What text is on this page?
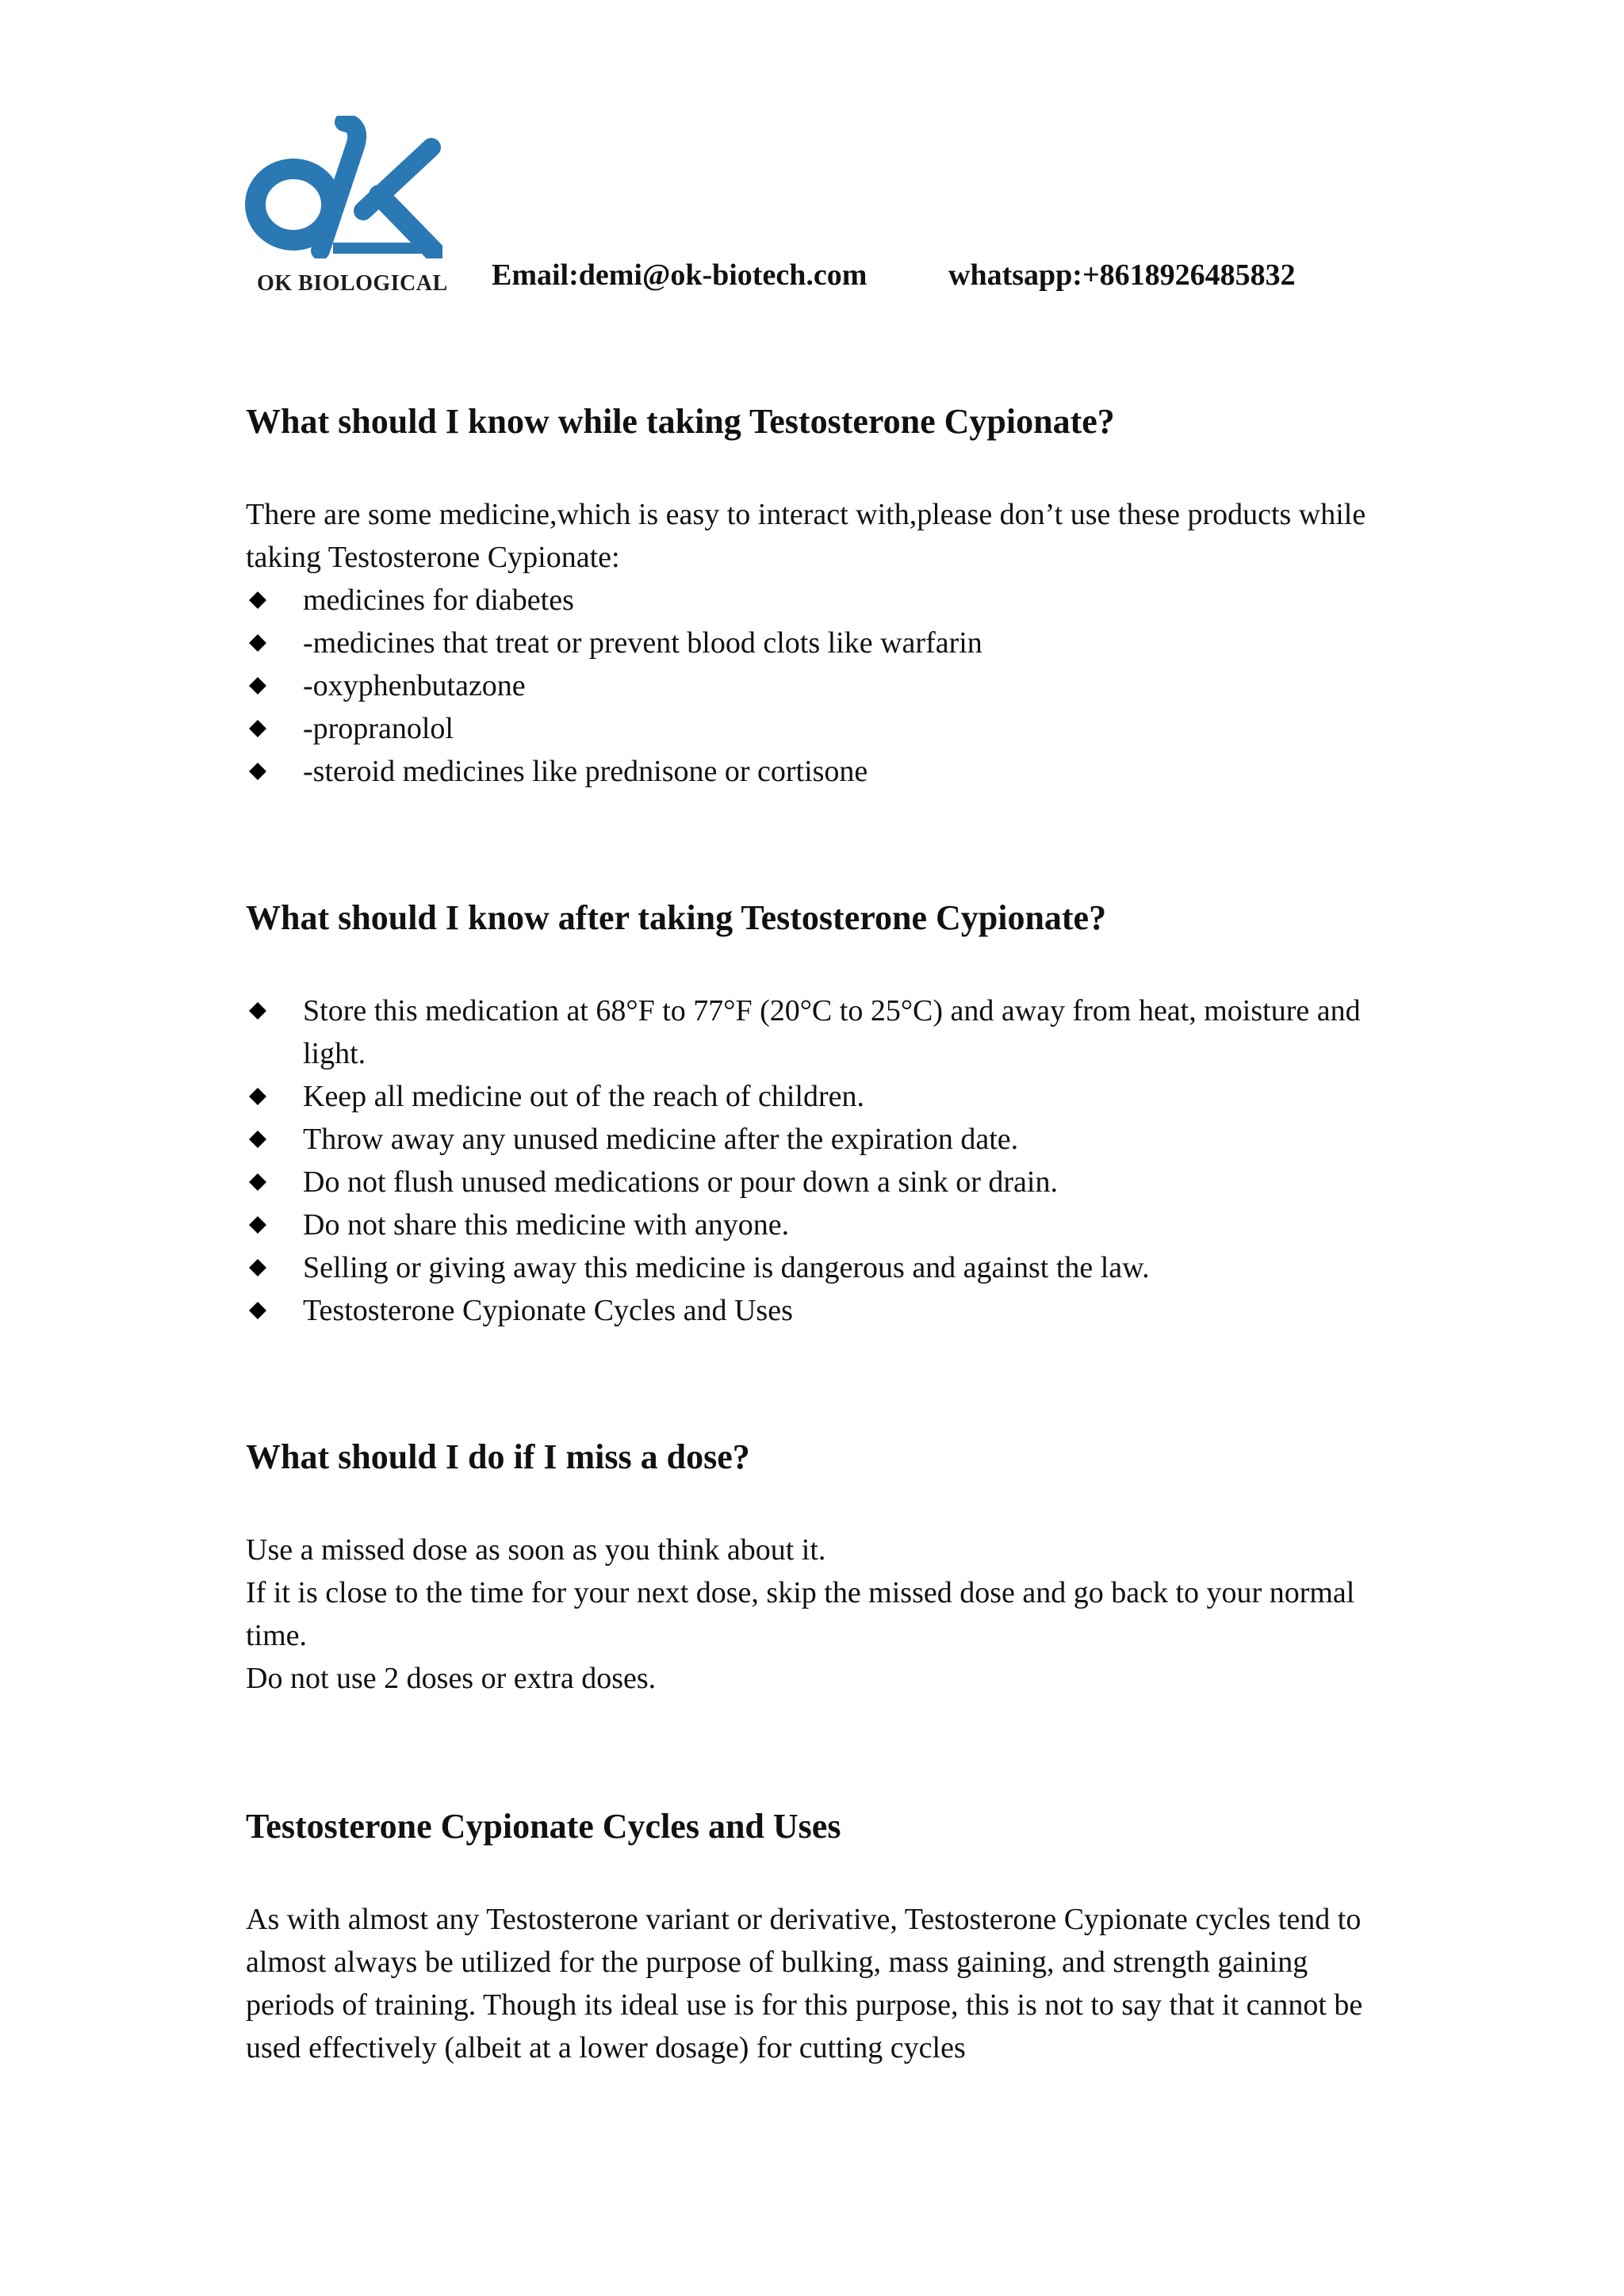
OK BIOLOGICAL Email:demi@ok-biotech.com	whatsapp:+8618926485832
What should I know while taking Testosterone Cypionate?

There are some medicine,which is easy to interact with,please don’t use these products while taking Testosterone Cypionate:

medicines for diabetes
-medicines that treat or prevent blood clots like warfarin
-oxyphenbutazone
-propranolol
-steroid medicines like prednisone or cortisone
What should I know after taking Testosterone Cypionate?
Store this medication at 68°F to 77°F (20°C to 25°C) and away from heat, moisture and light.
Keep all medicine out of the reach of children.
Throw away any unused medicine after the expiration date.
Do not flush unused medications or pour down a sink or drain.
Do not share this medicine with anyone.
Selling or giving away this medicine is dangerous and against the law.
Testosterone Cypionate Cycles and Uses
What should I do if I miss a dose?

Use a missed dose as soon as you think about it.

If it is close to the time for your next dose, skip the missed dose and go back to your normal time.

Do not use 2 doses or extra doses.

Testosterone Cypionate Cycles and Uses

As with almost any Testosterone variant or derivative, Testosterone Cypionate cycles tend to almost always be utilized for the purpose of bulking, mass gaining, and strength gaining periods of training. Though its ideal use is for this purpose, this is not to say that it cannot be used effectively (albeit at a lower dosage) for cutting cycles
